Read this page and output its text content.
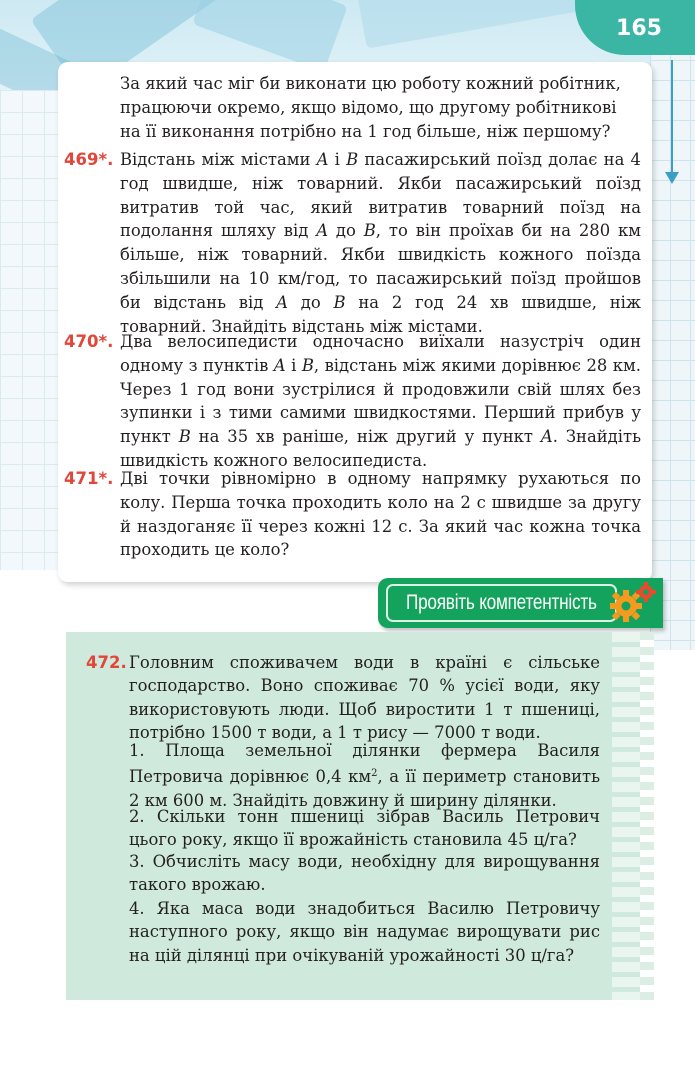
165
За який час міг би виконати цю роботу кожний робітник,
працюючи окремо, якщо відомо, що другому робітникові
на її виконання потрібно на 1 год більше, ніж першому?
469*. Відстань між містами A і B пасажирський поїзд долає на 4 год швидше, ніж товарний. Якби пасажирський поїзд витратив той час, який витратив товарний поїзд на подолання шляху від A до B, то він проїхав би на 280 км більше, ніж товарний. Якби швидкість кожного поїзда збільшили на 10 км/год, то пасажирський поїзд пройшов би відстань від A до B на 2 год 24 хв швидше, ніж товарний. Знайдіть відстань між містами.

470*. Два велосипедисти одночасно виїхали назустріч один одному з пунктів A і B, відстань між якими дорівнює 28 км. Через 1 год вони зустрілися й продовжили свій шлях без зупинки і з тими самими швидкостями. Перший прибув у пункт B на 35 хв раніше, ніж другий у пункт A. Знайдіть швидкість кожного велосипедиста.

471*. Дві точки рівномірно в одному напрямку рухаються по колу. Перша точка проходить коло на 2 с швидше за другу й наздоганяє її через кожні 12 с. За який час кожна точка проходить це коло?

Проявіть компетентність
472. Головним споживачем води в країні є сільське господарство. Воно споживає 70 % усієї води, яку використовують люди. Щоб виростити 1 т пшениці, потрібно 1500 т води, а 1 т рису — 7000 т води.

1. Площа земельної ділянки фермера Василя Петровича дорівнює 0,4 $км^2$, а її периметр становить 2 км 600 м. Знайдіть довжину й ширину ділянки.

2. Скільки тонн пшениці зібрав Василь Петрович цього року, якщо її врожайність становила 45 ц/га?

3. Обчисліть масу води, необхідну для вирощування такого врожаю.

4. Яка маса води знадобиться Василю Петровичу наступного року, якщо він надумає вирощувати рис на цій ділянці при очікуваній урожайності 30 ц/га?
